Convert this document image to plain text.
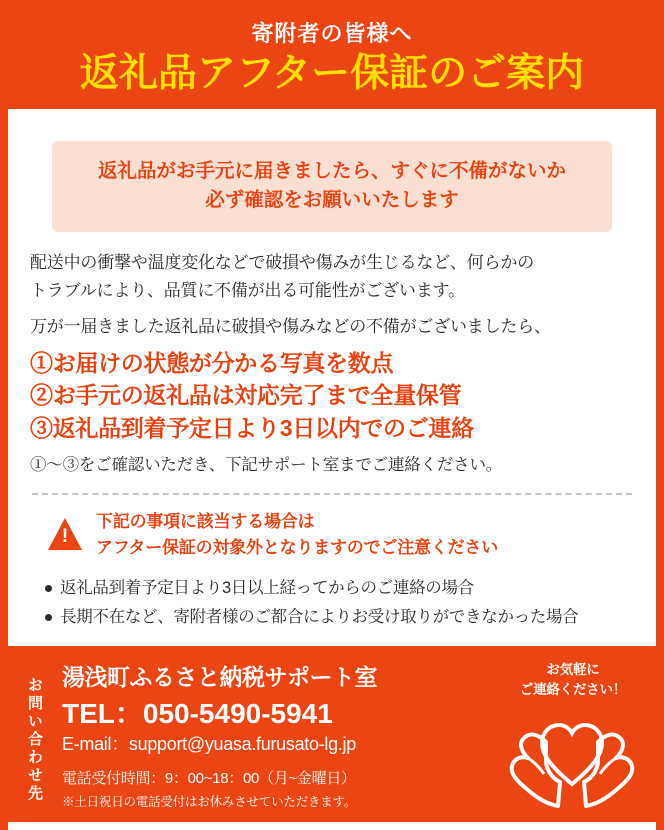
寄附者の皆様へ
返礼品アフター保証のご案内
返礼品がお手元に届きましたら、すぐに不備がないか
必ず確認をお願いいたします
配送中の衝撃や温度変化などで破損や傷みが生じるなど、何らかの
トラブルにより、品質に不備が出る可能性がございます。
万が一届きました返礼品に破損や傷みなどの不備がございましたら、
①お届けの状態が分かる写真を数点
②お手元の返礼品は対応完了まで全量保管
③返礼品到着予定日より3日以内でのご連絡
①〜③をご確認いただき、下記サポート室までご連絡ください。
!
下記の事項に該当する場合は
アフター保証の対象外となりますのでご注意ください
返礼品到着予定日より3日以上経ってからのご連絡の場合
長期不在など、寄附者様のご都合によりお受け取りができなかった場合
お問い合わせ先 湯浅町ふるさと納税サポート室
TEL：050-5490-5941
E-mail：support@yuasa.furusato-lg.jp
電話受付時間：9：00~18：00（月~金曜日）
※土日祝日の電話受付はお休みさせていただきます。
お気軽に
ご連絡ください！
